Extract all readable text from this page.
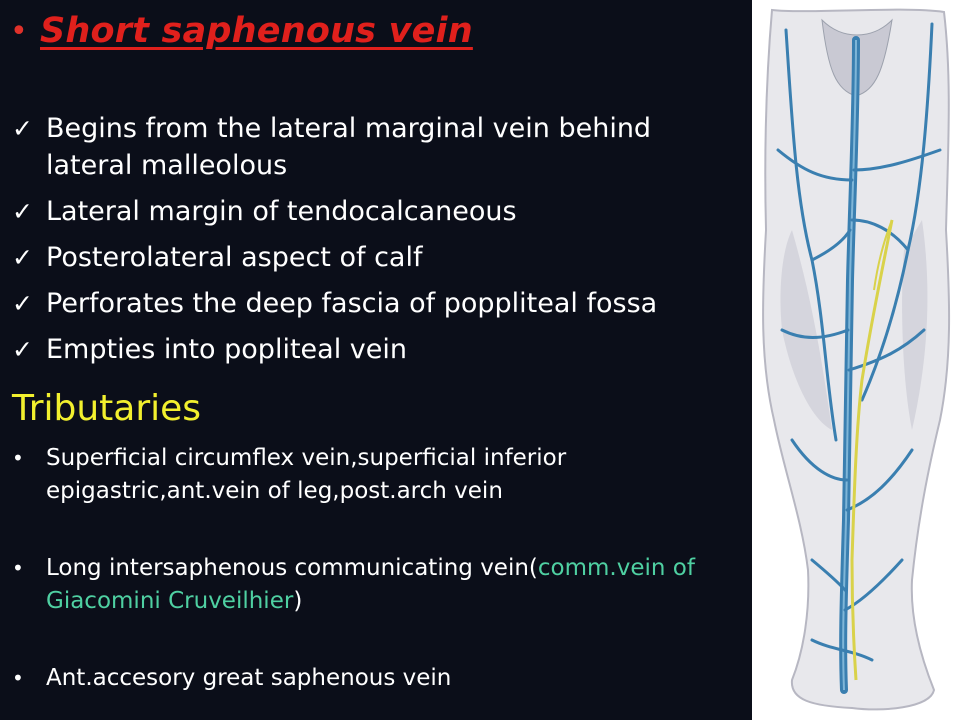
• Short saphenous vein
✓ Begins from the lateral marginal vein behind
lateral malleolous
✓ Lateral margin of tendocalcaneous
✓ Posterolateral aspect of calf
✓ Perforates the deep fascia of poppliteal fossa
✓ Empties into popliteal vein
Tributaries
• Superficial circumflex vein,superficial inferior
epigastric,ant.vein of leg,post.arch vein
• Long intersaphenous communicating vein(comm.vein of
Giacomini Cruveilhier)
• Ant.accesory great saphenous vein
